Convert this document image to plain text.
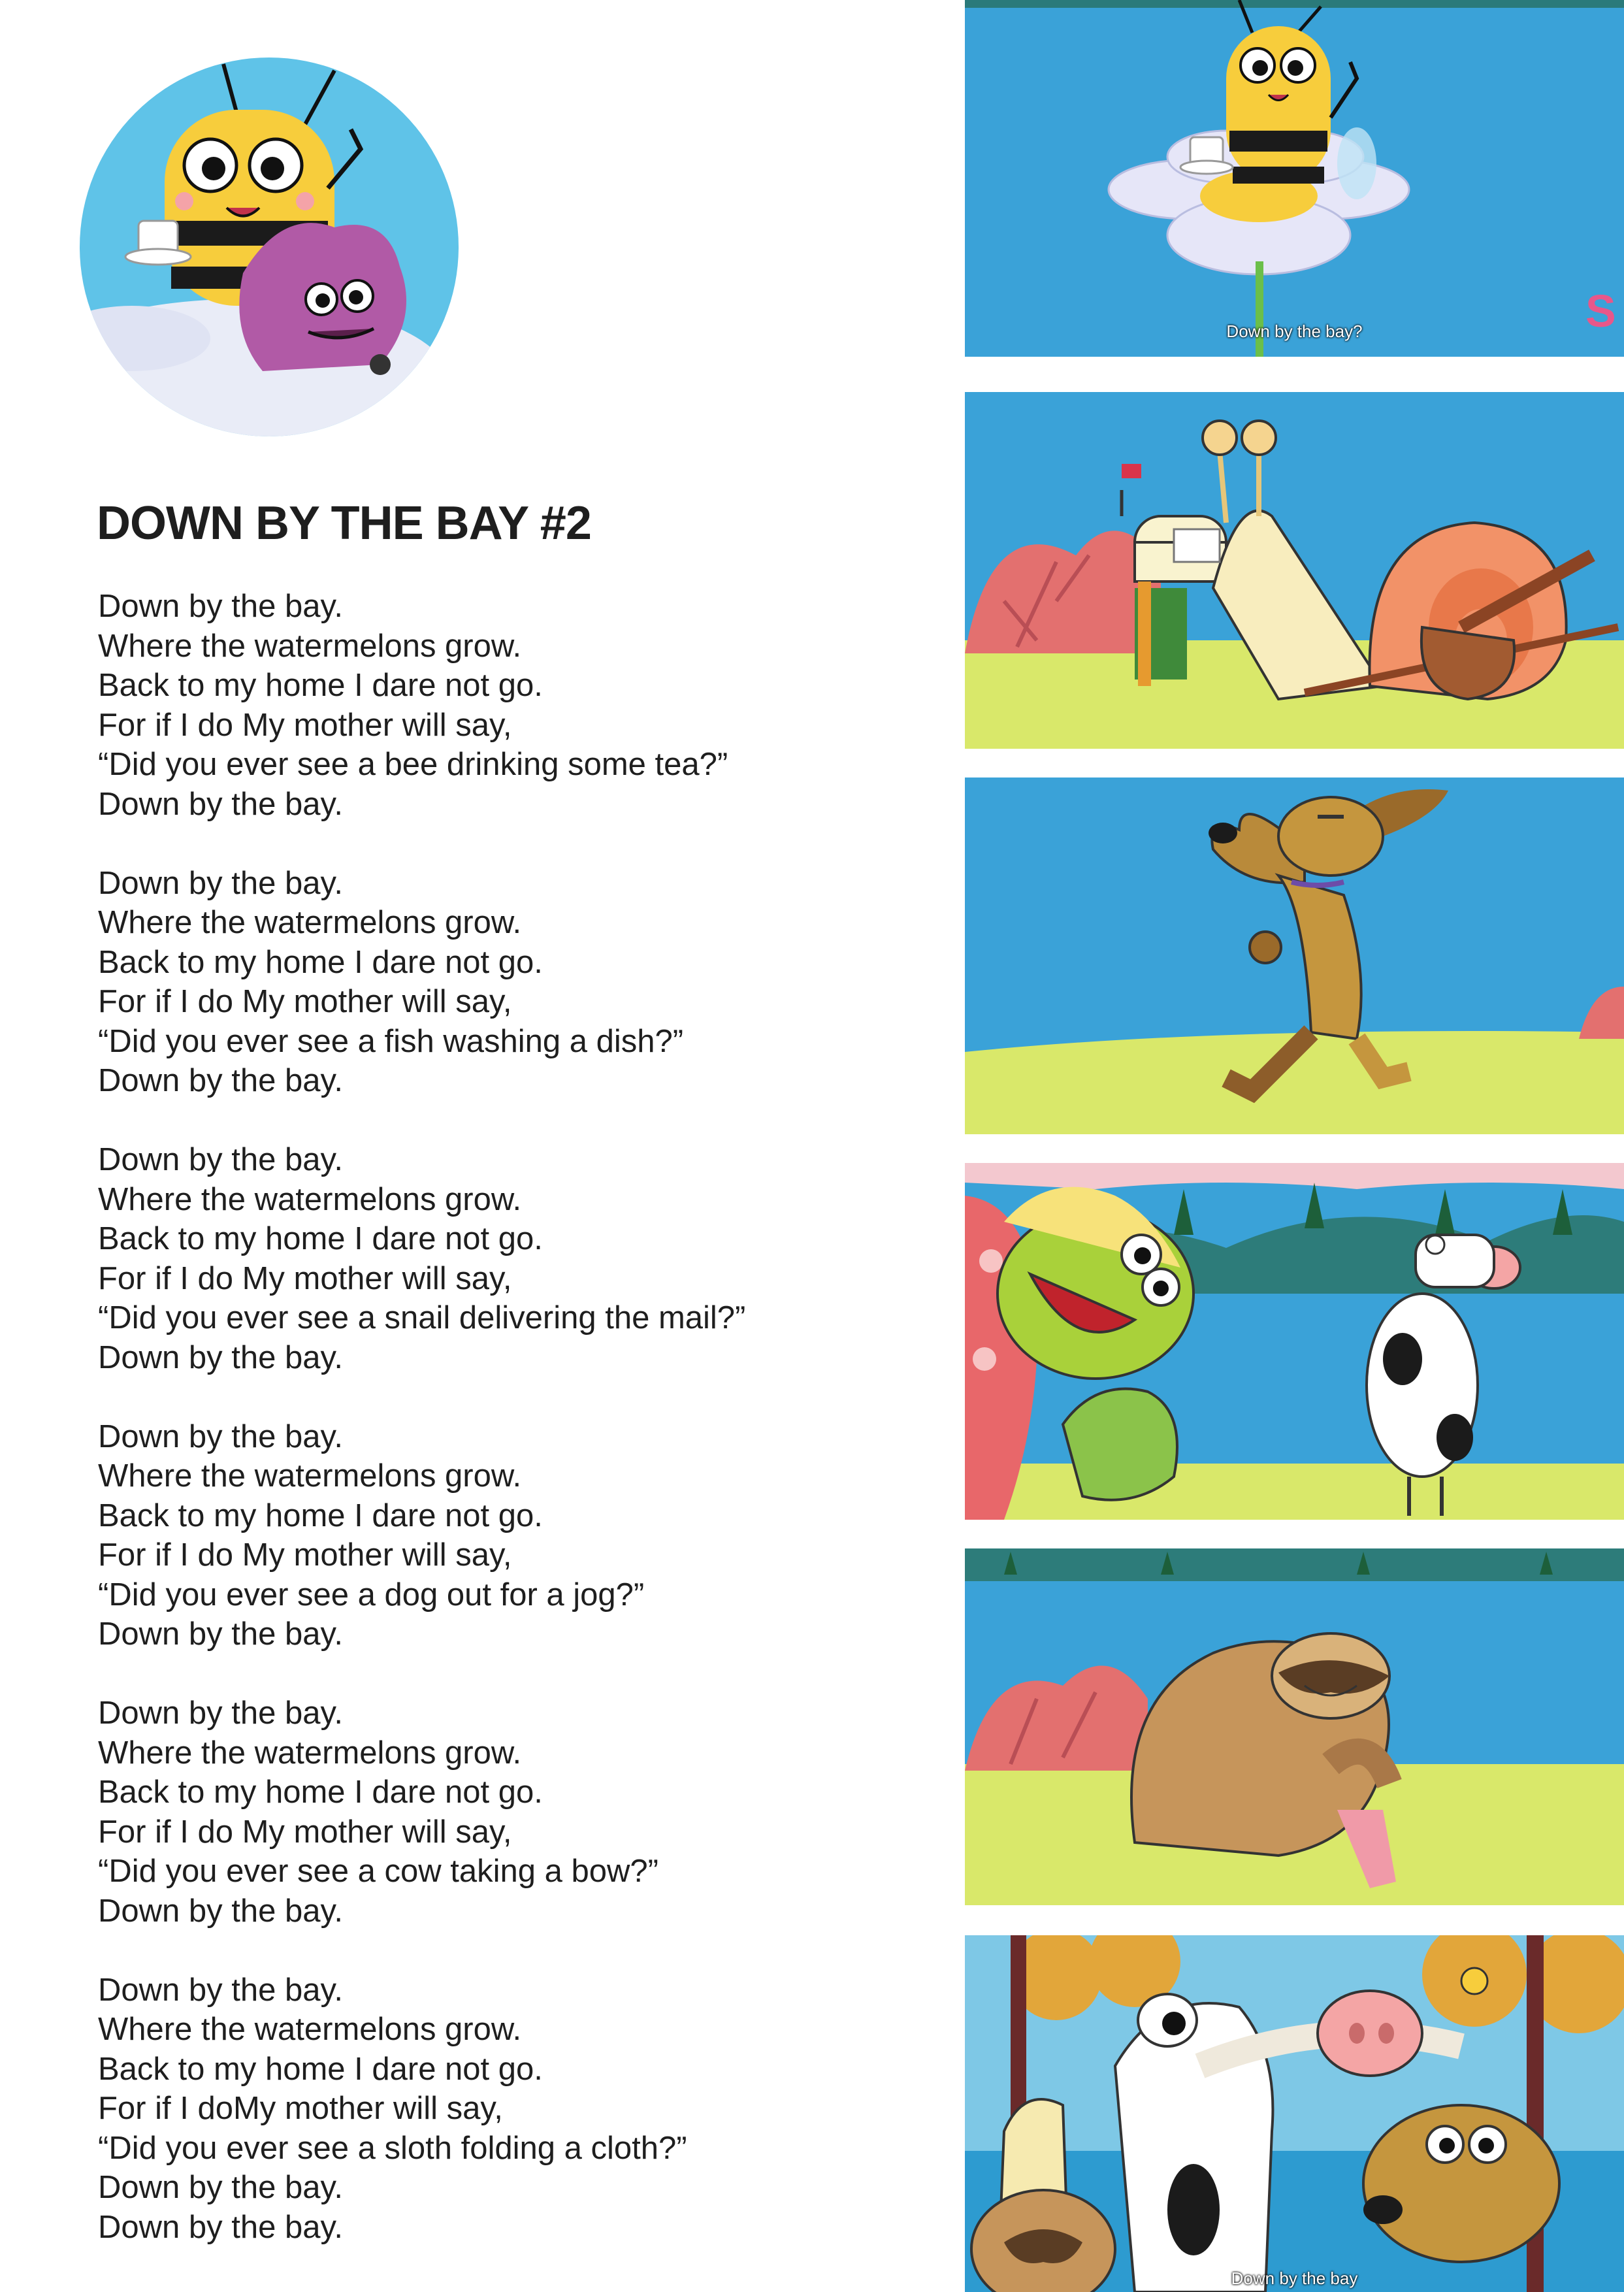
DOWN BY THE BAY #2
Down by the bay.
Where the watermelons grow.
Back to my home I dare not go.
For if I do My mother will say,
“Did you ever see a bee drinking some tea?”
Down by the bay.
Down by the bay.
Where the watermelons grow.
Back to my home I dare not go.
For if I do My mother will say,
“Did you ever see a fish washing a dish?”
Down by the bay.
Down by the bay.
Where the watermelons grow.
Back to my home I dare not go.
For if I do My mother will say,
“Did you ever see a snail delivering the mail?”
Down by the bay.
Down by the bay.
Where the watermelons grow.
Back to my home I dare not go.
For if I do My mother will say,
“Did you ever see a dog out for a jog?”
Down by the bay.
Down by the bay.
Where the watermelons grow.
Back to my home I dare not go.
For if I do My mother will say,
“Did you ever see a cow taking a bow?”
Down by the bay.
Down by the bay.
Where the watermelons grow.
Back to my home I dare not go.
For if I doMy mother will say,
“Did you ever see a sloth folding a cloth?”
Down by the bay.
Down by the bay.
S
Down by the bay?
Down by the bay
